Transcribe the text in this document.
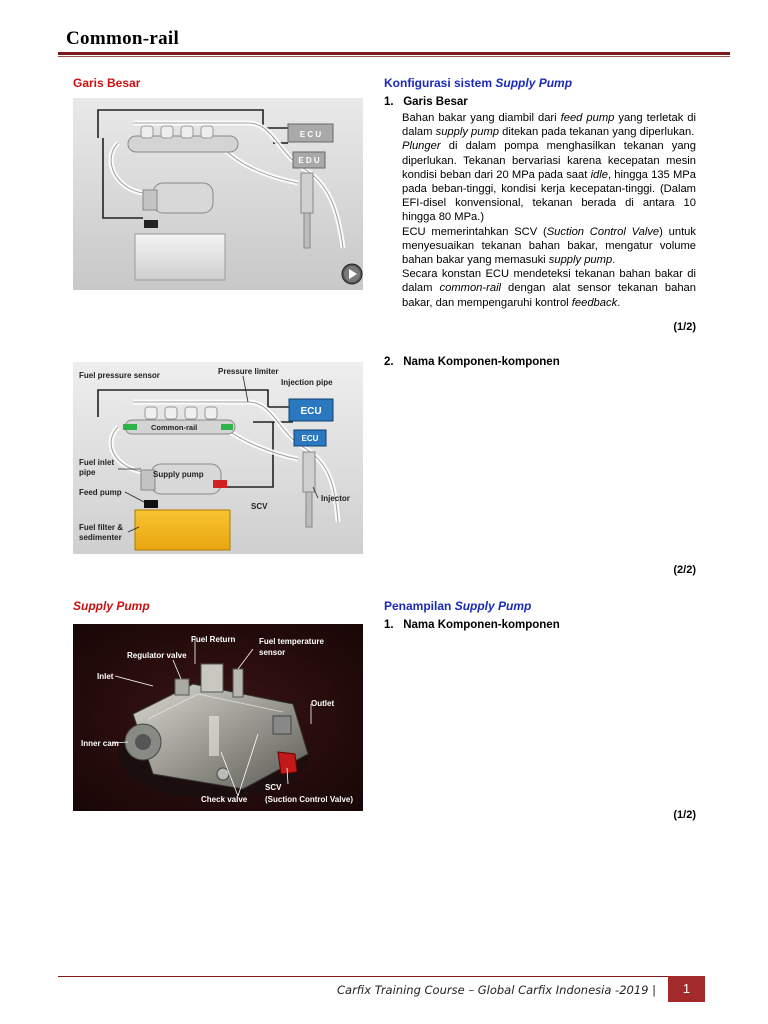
Common-rail
Garis Besar
E C U
E D U
Konfigurasi sistem Supply Pump
1. Garis Besar

Bahan bakar yang diambil dari feed pump yang terletak di dalam supply pump ditekan pada tekanan yang diperlukan.

Plunger di dalam pompa menghasilkan tekanan yang diperlukan. Tekanan bervariasi karena kecepatan mesin kondisi beban dari 20 MPa pada saat idle, hingga 135 MPa pada beban-tinggi, kondisi kerja kecepatan-tinggi. (Dalam EFI-disel konvensional, tekanan berada di antara 10 hingga 80 MPa.)

ECU memerintahkan SCV (Suction Control Valve) untuk menyesuaikan tekanan bahan bakar, mengatur volume bahan bakar yang memasuki supply pump.

Secara konstan ECU mendeteksi tekanan bahan bakar di dalam common-rail dengan alat sensor tekanan bahan bakar, dan mempengaruhi kontrol feedback.

(1/2)
ECU
ECU
Fuel pressure sensor	Pressure limiter
Injection pipe
Common-rail
Fuel inlet
pipe	Supply pump
Feed pump
SCV
Injector
Fuel filter &
sedimenter
2. Nama Komponen-komponen
(2/2)
Supply Pump
Fuel Return	Fuel temperature
sensor
Regulator valve
Inlet
Outlet
Inner cam
Check valve
SCV
(Suction Control Valve)
Penampilan Supply Pump
1. Nama Komponen-komponen
(1/2)
Carfix Training Course – Global Carfix Indonesia -2019 |	1
